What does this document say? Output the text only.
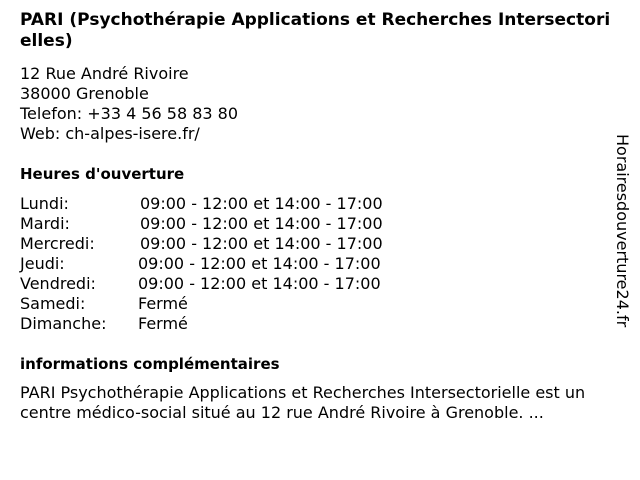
PARI (Psychothérapie Applications et Recherches Intersectorielles)
12 Rue André Rivoire
38000 Grenoble
Telefon: +33 4 56 58 83 80
Web: ch-alpes-isere.fr/
Heures d'ouverture
Lundi:	09:00 - 12:00 et 14:00 - 17:00
Mardi:	09:00 - 12:00 et 14:00 - 17:00
Mercredi:	09:00 - 12:00 et 14:00 - 17:00
Jeudi:	09:00 - 12:00 et 14:00 - 17:00
Vendredi:	09:00 - 12:00 et 14:00 - 17:00
Samedi:	Fermé
Dimanche: Fermé
informations complémentaires
PARI Psychothérapie Applications et Recherches Intersectorielle est un centre médico-social situé au 12 rue André Rivoire à Grenoble. ...
Horairesdouverture24.fr
